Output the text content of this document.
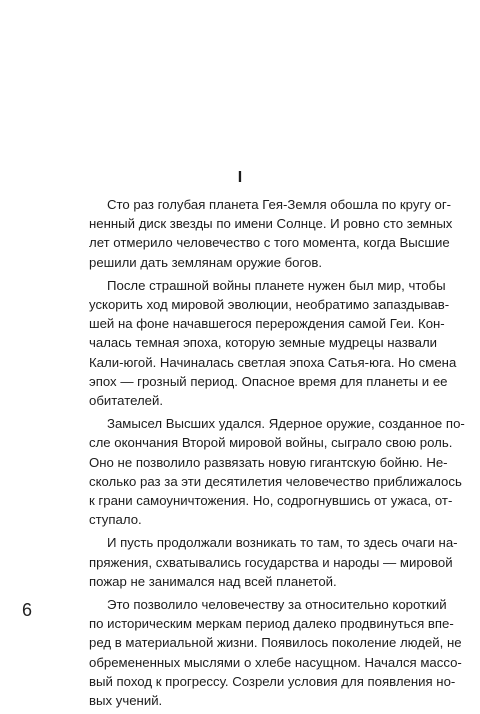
I

Сто раз голубая планета Гея-Земля обошла по кругу ог-
ненный диск звезды по имени Солнце. И ровно сто земных
лет отмерило человечество с того момента, когда Высшие
решили дать землянам оружие богов.

После страшной войны планете нужен был мир, чтобы
ускорить ход мировой эволюции, необратимо запаздывав-
шей на фоне начавшегося перерождения самой Геи. Кон-
чалась темная эпоха, которую земные мудрецы назвали
Кали-югой. Начиналась светлая эпоха Сатья-юга. Но смена
эпох — грозный период. Опасное время для планеты и ее
обитателей.

Замысел Высших удался. Ядерное оружие, созданное по-
сле окончания Второй мировой войны, сыграло свою роль.
Оно не позволило развязать новую гигантскую бойню. Не-
сколько раз за эти десятилетия человечество приближалось
к грани самоуничтожения. Но, содрогнувшись от ужаса, от-
ступало.

И пусть продолжали возникать то там, то здесь очаги на-
пряжения, схватывались государства и народы — мировой
пожар не занимался над всей планетой.

Это позволило человечеству за относительно короткий
по историческим меркам период далеко продвинуться впе-
ред в материальной жизни. Появилось поколение людей, не
обремененных мыслями о хлебе насущном. Начался массо-
вый поход к прогрессу. Созрели условия для появления но-
вых учений.

6
